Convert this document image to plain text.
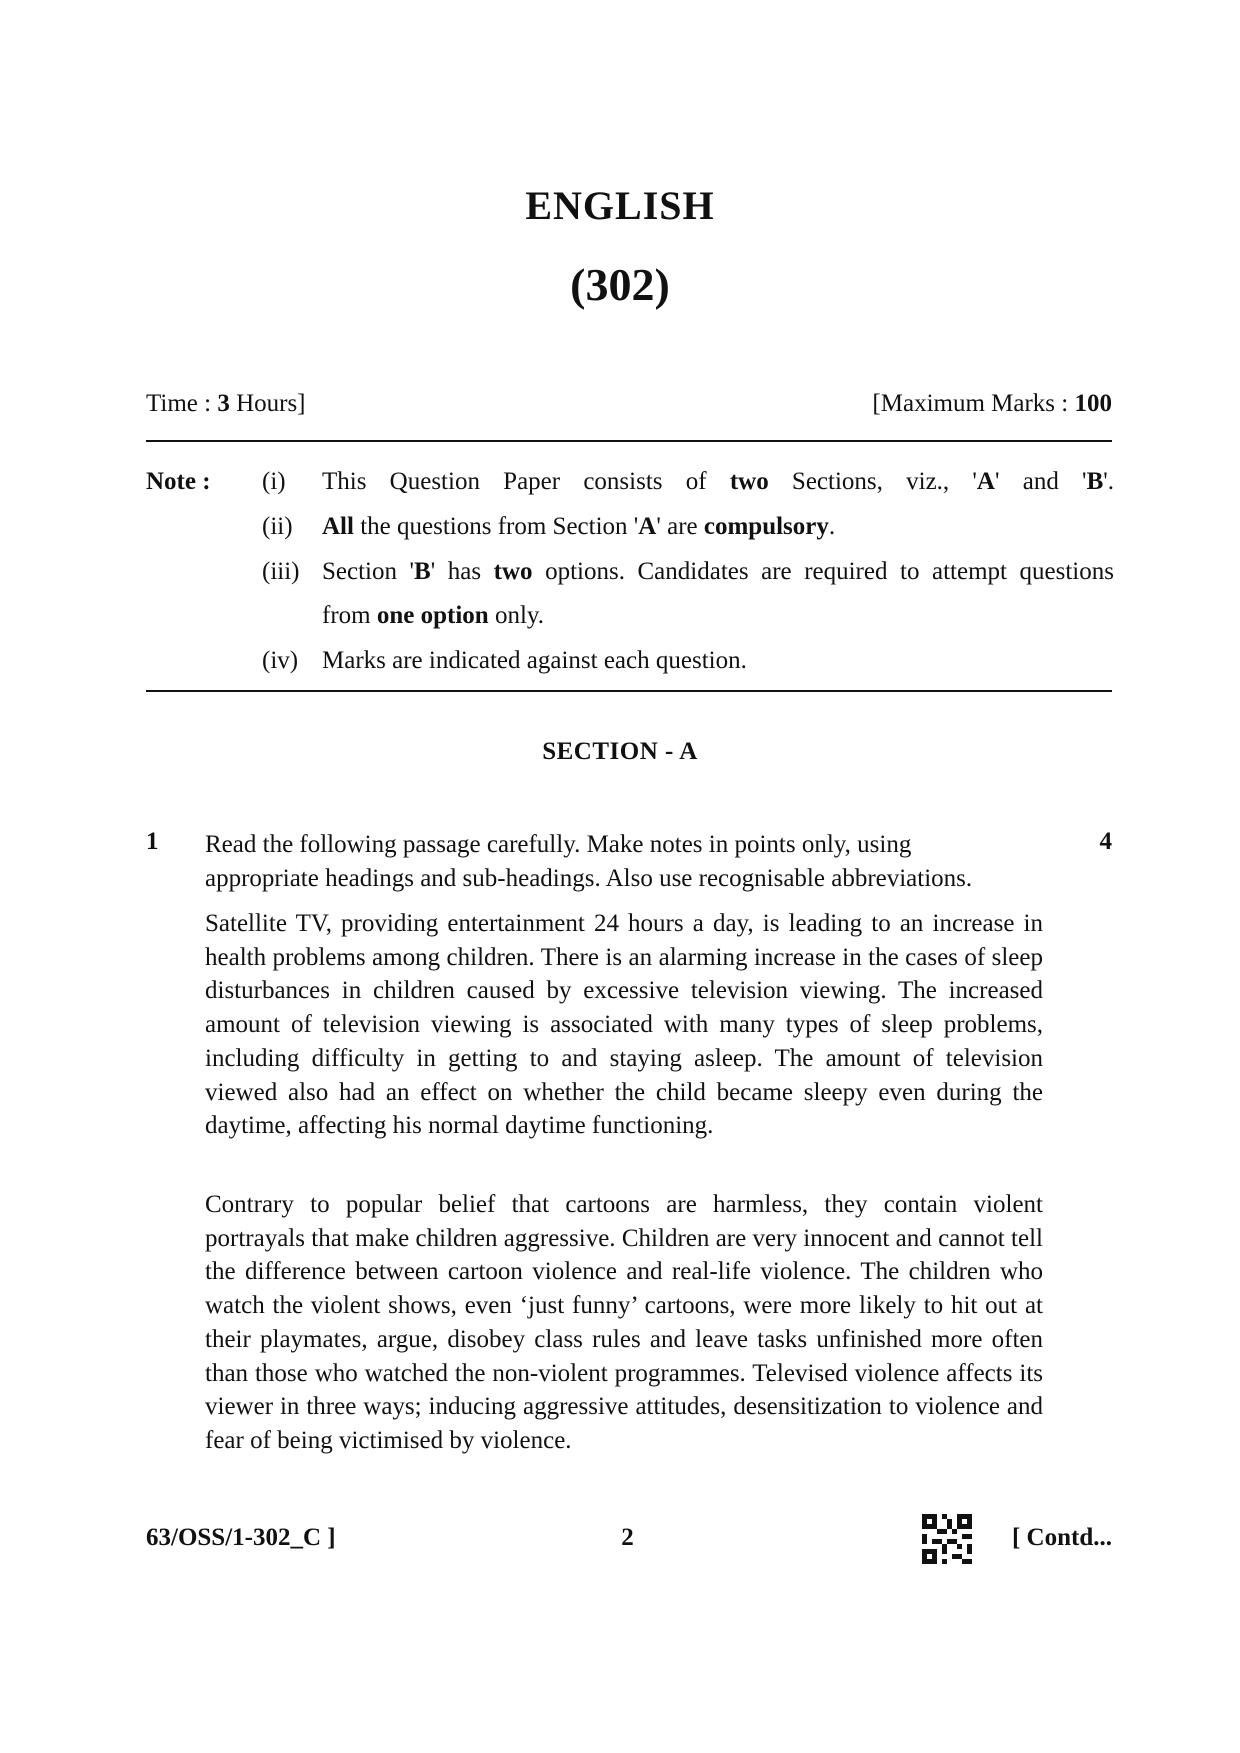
ENGLISH
(302)
Time : 3 Hours]	[Maximum Marks : 100
Note : (i)	This Question Paper consists of two Sections, viz., 'A' and 'B'.
(ii)	All the questions from Section 'A' are compulsory.
(iii) Section 'B' has two options. Candidates are required to attempt questions
from one option only.
(iv) Marks are indicated against each question.
SECTION - A
1	4
Read the following passage carefully. Make notes in points only, using
appropriate headings and sub-headings. Also use recognisable abbreviations.
Satellite TV, providing entertainment 24 hours a day, is leading to an increase in health problems among children. There is an alarming increase in the cases of sleep disturbances in children caused by excessive television viewing. The increased amount of television viewing is associated with many types of sleep problems, including difficulty in getting to and staying asleep. The amount of television viewed also had an effect on whether the child became sleepy even during the daytime, affecting his normal daytime functioning.
Contrary to popular belief that cartoons are harmless, they contain violent portrayals that make children aggressive. Children are very innocent and cannot tell the difference between cartoon violence and real-life violence. The children who watch the violent shows, even ‘just funny’ cartoons, were more likely to hit out at their playmates, argue, disobey class rules and leave tasks unfinished more often than those who watched the non-violent programmes. Televised violence affects its viewer in three ways; inducing aggressive attitudes, desensitization to violence and fear of being victimised by violence.
63/OSS/1-302_C ]	2	[ Contd...
